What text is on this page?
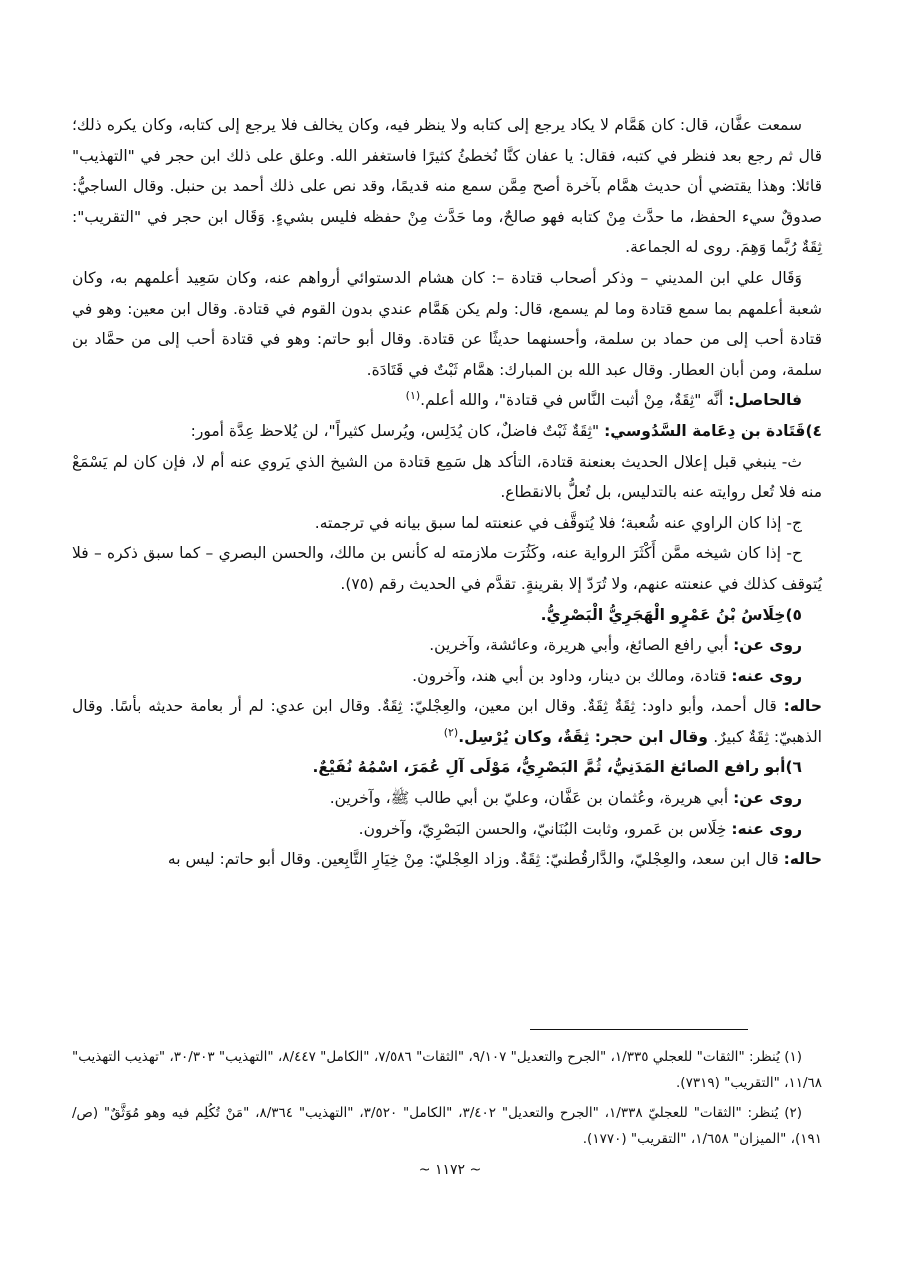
سمعت عفَّان، قال: كان هَمَّام لا يكاد يرجع إلى كتابه ولا ينظر فيه، وكان يخالف فلا يرجع إلى كتابه، وكان يكره ذلك؛ قال ثم رجع بعد فنظر في كتبه، فقال: يا عفان كنَّا نُخطئُ كثيرًا فاستغفر الله. وعلق على ذلك ابن حجر في "التهذيب" قائلا: وهذا يقتضي أن حديث همَّام بآخرة أصح مِمَّن سمع منه قديمًا، وقد نص على ذلك أحمد بن حنبل. وقال الساجيُّ: صدوقٌ سيء الحفظ، ما حدَّث مِنْ كتابه فهو صالحٌ، وما حَدَّث مِنْ حفظه فليس بشيءٍ. وَقَال ابن حجر في "التقريب": ثِقَةٌ رُبَّما وَهِمَ. روى له الجماعة.

وَقَال علي ابن المديني – وذكر أصحاب قتادة –: كان هشام الدستوائي أرواهم عنه، وكان سَعِيد أعلمهم به، وكان شعبة أعلمهم بما سمع قتادة وما لم يسمع، قال: ولم يكن هَمَّام عندي بدون القوم في قتادة. وقال ابن معين: وهو في قتادة أحب إلى من حماد بن سلمة، وأحسنهما حديثًا عن قتادة. وقال أبو حاتم: وهو في قتادة أحب إلى من حمَّاد بن سلمة، ومن أبان العطار. وقال عبد الله بن المبارك: همَّام ثَبْتٌ في قَتَادَة.

فالحاصل: أنَّه "ثِقَةٌ، مِنْ أثبت النَّاس في قتادة"، والله أعلم.$^{(١)}$

٤)قَتَادة بن دِعَامة السَّدُوسي: "ثِقَةٌ ثَبْتٌ فاضلٌ، كان يُدَلِس، ويُرسل كثيراً"، لن يُلاحظ عِدَّة أمور:

ث- ينبغي قبل إعلال الحديث بعنعنة قتادة، التأكد هل سَمِع قتادة من الشيخ الذي يَروي عنه أم لا، فإن كان لم يَسْمَعْ منه فلا تُعل روايته عنه بالتدليس، بل تُعلُّ بالانقطاع.

ج- إذا كان الراوي عنه شُعبة؛ فلا يُتوقَّف في عنعنته لما سبق بيانه في ترجمته.

ح- إذا كان شيخه ممَّن أَكْثَرَ الرواية عنه، وكَثُرَت ملازمته له كأنس بن مالك، والحسن البصري – كما سبق ذكره – فلا يُتوقف كذلك في عنعنته عنهم، ولا تُرَدّ إلا بقرينةٍ. تقدَّم في الحديث رقم (٧٥).

٥)خِلَاسُ بْنُ عَمْرٍو الْهَجَرِيُّ الْبَصْرِيُّ.

روى عن: أبي رافع الصائغ، وأبي هريرة، وعائشة، وآخرين.

روى عنه: قتادة، ومالك بن دينار، وداود بن أبي هند، وآخرون.

حاله: قال أحمد، وأبو داود: ثِقَةٌ ثِقَةٌ. وقال ابن معين، والعِجْليّ: ثِقَةٌ. وقال ابن عدي: لم أر بعامة حديثه بأسًا. وقال الذهبيّ: ثِقَةٌ كبيرٌ. وقال ابن حجر: ثِقَةٌ، وكان يُرْسِل.$^{(٢)}$

٦)أبو رافع الصائغ المَدَنِيُّ، ثُمَّ البَصْرِيُّ، مَوْلَى آلِ عُمَرَ، اسْمُهُ نُفَيْعٌ.

روى عن: أبي هريرة، وعُثمان بن عَفَّان، وعليّ بن أبي طالب ﷺ، وآخرين.

روى عنه: خِلَاس بن عَمرو، وثابت البُنَانيّ، والحسن البَصْرِيّ، وآخرون.

حاله: قال ابن سعد، والعِجْليّ، والدَّارقُطنيّ: ثِقَةٌ. وزاد العِجْليّ: مِنْ خِيَارِ التَّابِعين. وقال أبو حاتم: ليس به

(١) يُنظر: "الثقات" للعجلي ١/٣٣٥، "الجرح والتعديل" ٩/١٠٧، "الثقات" ٧/٥٨٦، "الكامل" ٨/٤٤٧، "التهذيب" ٣٠/٣٠٣، "تهذيب التهذيب" ١١/٦٨، "التقريب" (٧٣١٩).

(٢) يُنظر: "الثقات" للعجليّ ١/٣٣٨، "الجرح والتعديل" ٣/٤٠٢، "الكامل" ٣/٥٢٠، "التهذيب" ٨/٣٦٤، "مَنْ تُكُلِم فيه وهو مُوَثَّقٌ" (ص/١٩١)، "الميزان" ١/٦٥٨، "التقريب" (١٧٧٠).

~ ١١٧٢ ~
